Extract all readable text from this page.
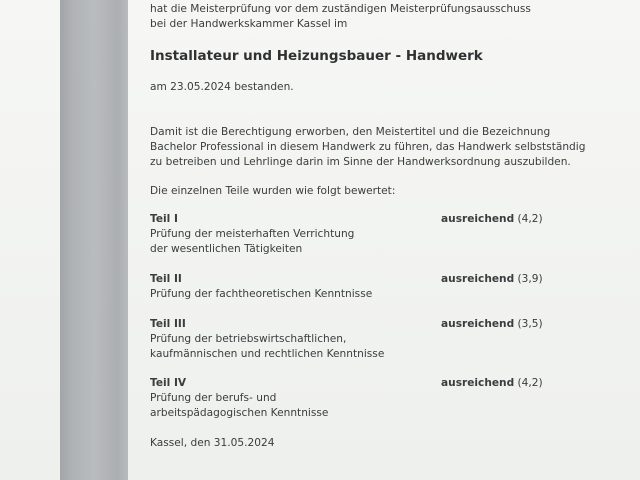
hat die Meisterprüfung vor dem zuständigen Meisterprüfungsausschuss
bei der Handwerkskammer Kassel im
Installateur und Heizungsbauer - Handwerk
am 23.05.2024 bestanden.
Damit ist die Berechtigung erworben, den Meistertitel und die Bezeichnung
Bachelor Professional in diesem Handwerk zu führen, das Handwerk selbstständig
zu betreiben und Lehrlinge darin im Sinne der Handwerksordnung auszubilden.
Die einzelnen Teile wurden wie folgt bewertet:
Teil I	ausreichend (4,2)
Prüfung der meisterhaften Verrichtung
der wesentlichen Tätigkeiten
Teil II	ausreichend (3,9)
Prüfung der fachtheoretischen Kenntnisse
Teil III	ausreichend (3,5)
Prüfung der betriebswirtschaftlichen,
kaufmännischen und rechtlichen Kenntnisse
Teil IV	ausreichend (4,2)
Prüfung der berufs- und
arbeitspädagogischen Kenntnisse
Kassel, den 31.05.2024
